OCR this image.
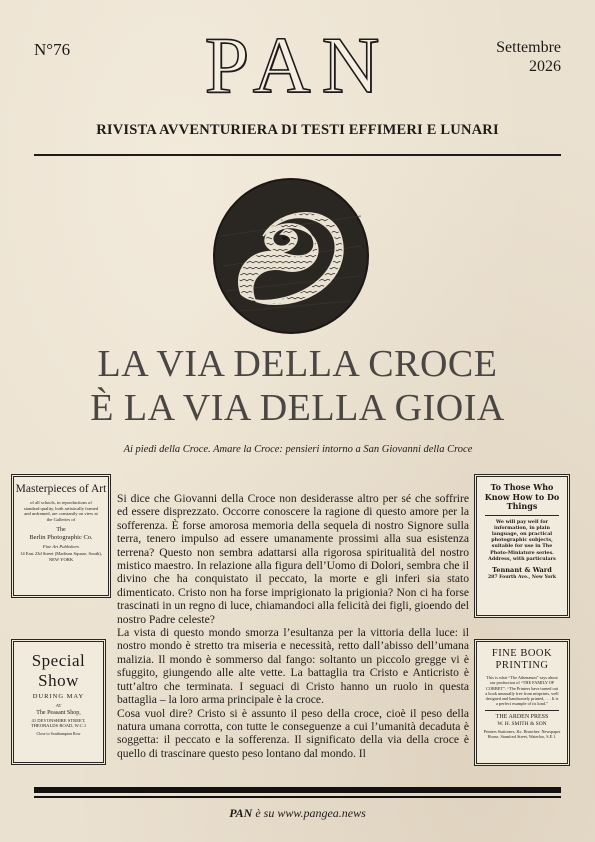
N°76	Settembre
2026
PAN
RIVISTA AVVENTURIERA DI TESTI EFFIMERI E LUNARI
LA VIA DELLA CROCE
È LA VIA DELLA GIOIA
Ai piedi della Croce. Amare la Croce: pensieri intorno a San Giovanni della Croce

Si dice che Giovanni della Croce non desiderasse altro per sé che soffrire ed essere disprezzato. Occorre conoscere la ragione di questo amore per la sofferenza. È forse amorosa memoria della sequela di nostro Signore sulla terra, tenero impulso ad essere umanamente prossimi alla sua esistenza terrena? Questo non sembra adattarsi alla rigorosa spiritualità del nostro mistico maestro. In relazione alla figura dell’Uomo di Dolori, sembra che il divino che ha conquistato il peccato, la morte e gli inferi sia stato dimenticato. Cristo non ha forse imprigionato la prigionia? Non ci ha forse trascinati in un regno di luce, chiamandoci alla felicità dei figli, gioendo del nostro Padre celeste?

La vista di questo mondo smorza l’esultanza per la vittoria della luce: il nostro mondo è stretto tra miseria e necessità, retto dall’abisso dell’umana malizia. Il mondo è sommerso dal fango: soltanto un piccolo gregge vi è sfuggito, giungendo alle alte vette. La battaglia tra Cristo e Anticristo è tutt’altro che terminata. I seguaci di Cristo hanno un ruolo in questa battaglia – la loro arma principale è la croce.

Cosa vuol dire? Cristo si è assunto il peso della croce, cioè il peso della natura umana corrotta, con tutte le conseguenze a cui l’umanità decaduta è soggetta: il peccato e la sofferenza. Il significato della via della croce è quello di trascinare questo peso lontano dal mondo. Il

Masterpieces of Art
of all schools, in reproductions of standard quality, both artistically framed and unframed, are constantly on view at the Galleries of
The
Berlin Photographic Co.
Fine Art Publishers
14 East 23d Street (Madison Square, South), NEW YORK
To Those Who Know How to Do Things
We will pay well for information, in plain language, on practical photographic subjects, suitable for use in The Photo-Miniature series. Address, with particulars
Tennant & Ward
287 Fourth Ave., New York
Special
Show
DURING MAY
AT
The Peasant Shop,
41 DEVONSHIRE STREET, THEOBALDS ROAD, W.C.1
Close to Southampton Row
FINE BOOK
PRINTING
This is what “The Athenæum” says about our production of “THE FAMILY OF CORBET”: “The Printers have turned out a book unusually free from misprints, well designed and handsomely printed, . . . It is a perfect example of its kind.”
THE ARDEN PRESS
W. H. SMITH & SON
Printers Stationers, &c. Branches: Newspaper House, Stamford Street, Waterloo, S.E.1.
PAN è su www.pangea.news
